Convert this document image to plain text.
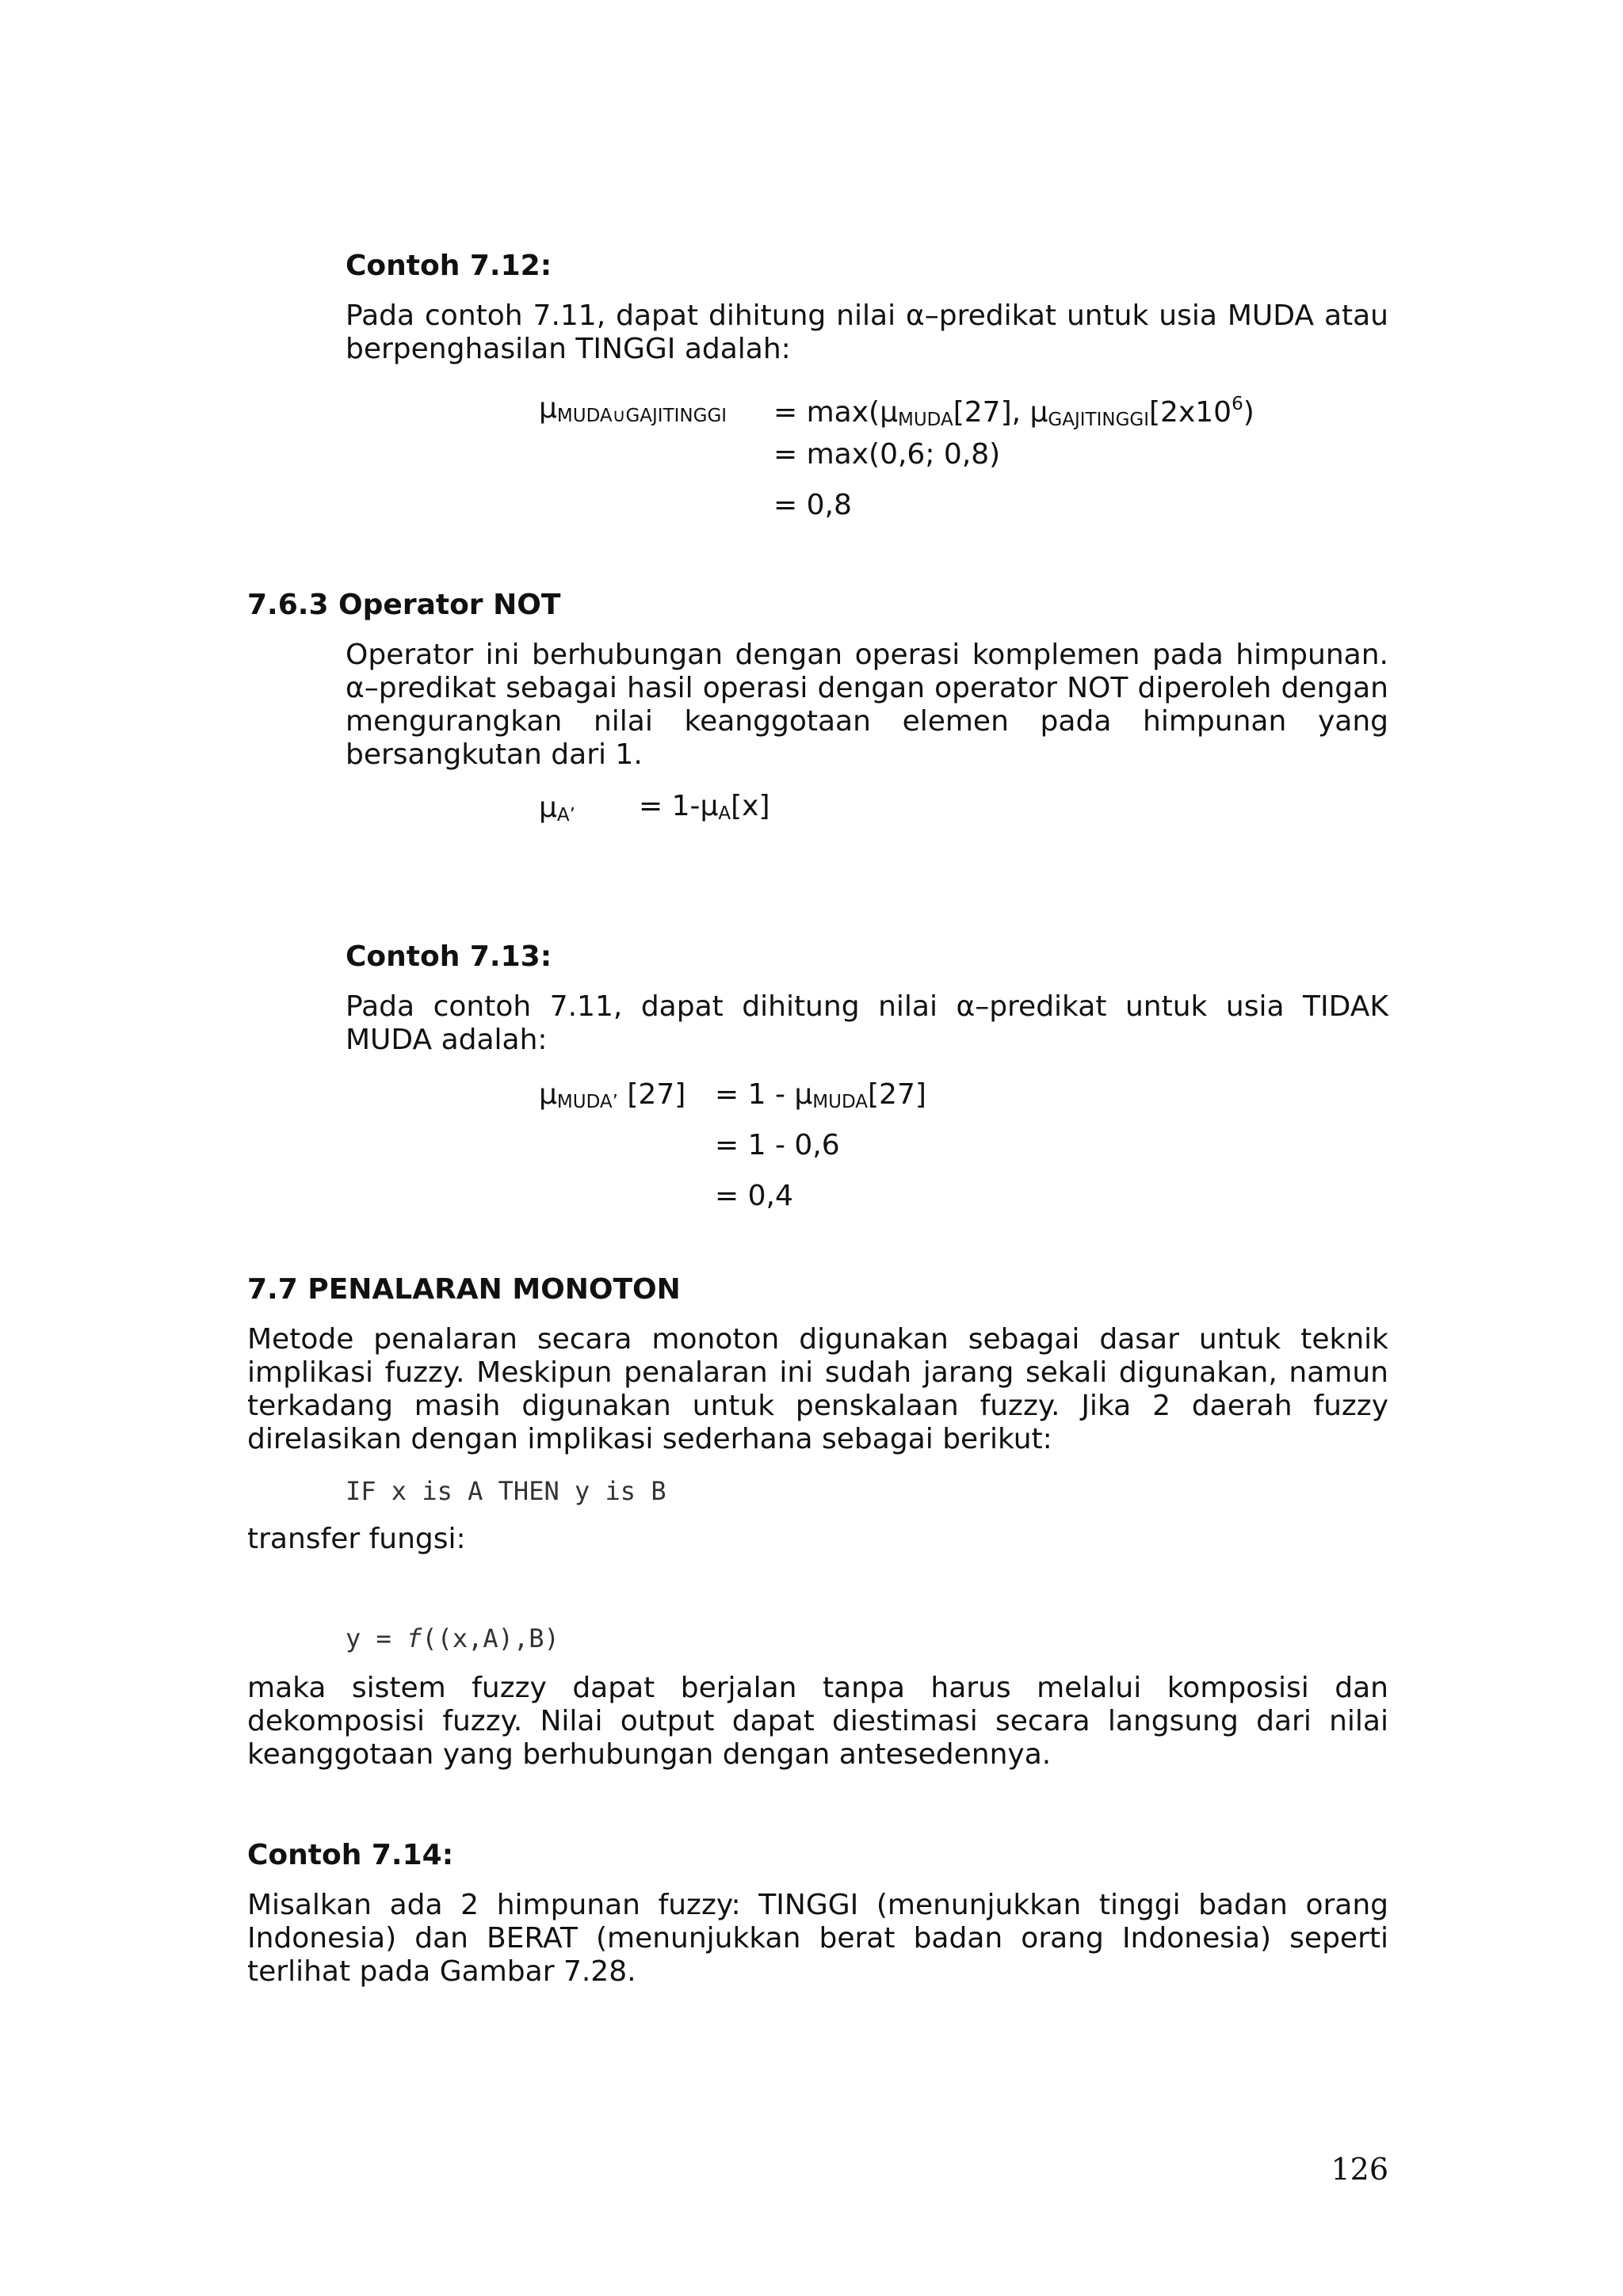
Contoh 7.12:
Pada contoh 7.11, dapat dihitung nilai α–predikat untuk usia MUDA atau berpenghasilan TINGGI adalah:
$\mu_{MUDA\cup GAJITINGGI} = \max(\mu_{MUDA}[27]$, $\mu_{GAJITINGGI}[2x10^6)$
= max(0,6; 0,8)
= 0,8
7.6.3 Operator NOT
Operator ini berhubungan dengan operasi komplemen pada himpunan. α–predikat sebagai hasil operasi dengan operator NOT diperoleh dengan mengurangkan nilai keanggotaan elemen pada himpunan yang bersangkutan dari 1.
$\mu_{A’} = 1-\mu_A[x]$
Contoh 7.13:
Pada contoh 7.11, dapat dihitung nilai α–predikat untuk usia TIDAK MUDA adalah:
$\mu_{MUDA’}$ $[27] = 1 - \mu_{MUDA}[27]$
= 1 - 0,6
= 0,4
7.7 PENALARAN MONOTON
Metode penalaran secara monoton digunakan sebagai dasar untuk teknik implikasi fuzzy. Meskipun penalaran ini sudah jarang sekali digunakan, namun terkadang masih digunakan untuk penskalaan fuzzy. Jika 2 daerah fuzzy direlasikan dengan implikasi sederhana sebagai berikut:
IF x is A THEN y is B
transfer fungsi:
y = f((x,A),B)
maka sistem fuzzy dapat berjalan tanpa harus melalui komposisi dan dekomposisi fuzzy. Nilai output dapat diestimasi secara langsung dari nilai keanggotaan yang berhubungan dengan antesedennya.
Contoh 7.14:
Misalkan ada 2 himpunan fuzzy: TINGGI (menunjukkan tinggi badan orang Indonesia) dan BERAT (menunjukkan berat badan orang Indonesia) seperti terlihat pada Gambar 7.28.
126
